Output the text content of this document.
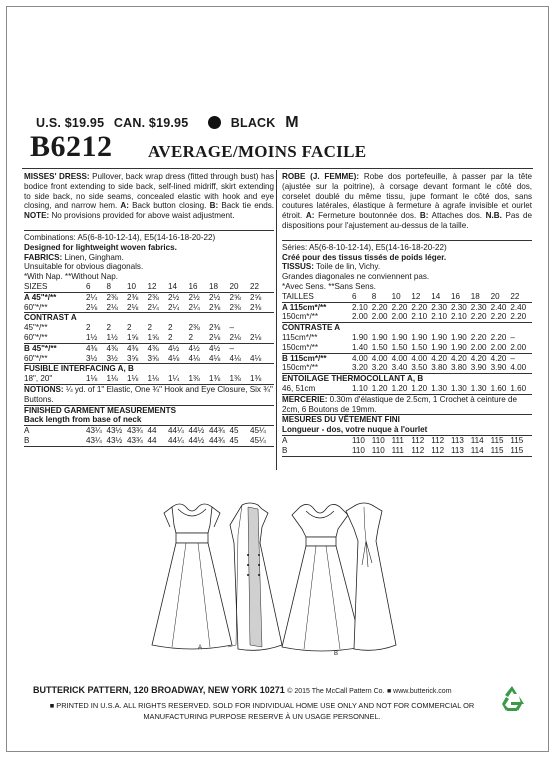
U.S. $19.95 CAN. $19.95	BLACK M
B6212 AVERAGE/MOINS FACILE

MISSES' DRESS: Pullover, back wrap dress (fitted through bust) has bodice front extending to side back, self-lined midriff, skirt extending to side back, no side seams, concealed elastic with hook and eye closing, and narrow hem. A: Back button closing. B: Back tie ends. NOTE: No provisions provided for above waist adjustment.

Combinations: A5(6-8-10-12-14), E5(14-16-18-20-22)

Designed for lightweight woven fabrics.

FABRICS: Linen, Gingham.

Unsuitable for obvious diagonals.

*With Nap. **Without Nap.

SIZES	6	8	10	12	14	16	18	20	22
A 45"*/**	2¼	2⅜	2⅜	2⅜	2½	2½	2½	2⅝	2⅝
60"*/**	2⅛	2⅛	2⅛	2¼	2¼	2¼	2⅜	2⅜	2⅜

CONTRAST A

45"*/**	2	2	2	2	2	2⅜	2⅜	–
60"*/**	1½	1½	1⅝	1⅝	2	2	2⅛	2⅛	2⅛
B 45"*/**	4⅜	4⅜	4⅜	4⅜	4½	4½	4½	–
60"*/**	3½	3½	3⅝	3⅝	4⅛	4⅛	4⅛	4⅛	4⅛

FUSIBLE INTERFACING A, B

18", 20"	1⅛	1⅛	1⅛	1⅛	1¼	1⅜	1⅜	1⅜	1⅜

NOTIONS: ¼ yd. of 1" Elastic, One ¾" Hook and Eye Closure, Six ¾" Buttons.

FINISHED GARMENT MEASUREMENTS

Back length from base of neck

A	43¼ 43½ 43¾ 44	44¼ 44½ 44¾ 45	45¼
B	43¼ 43½ 43¾ 44	44¼ 44½ 44¾ 45	45¼

ROBE (J. FEMME): Robe dos portefeuille, à passer par la tête (ajustée sur la poitrine), à corsage devant formant le côté dos, corselet doublé du même tissu, jupe formant le côté dos, sans coutures latérales, élastique à fermeture à agrafe invisible et ourlet étroit. A: Fermeture boutonnée dos. B: Attaches dos. N.B. Pas de dispositions pour l'ajustement au-dessus de la taille.

Séries: A5(6-8-10-12-14), E5(14-16-18-20-22)

Créé pour des tissus tissés de poids léger.

TISSUS: Toile de lin, Vichy.

Grandes diagonales ne conviennent pas.

*Avec Sens. **Sans Sens.

TAILLES	6	8	10	12	14	16	18	20	22
A 115cm*/**	2.10 2.20 2.20 2.20 2.30 2.30 2.30 2.40 2.40
150cm*/**	2.00 2.00 2.00 2.10 2.10 2.10 2.20 2.20 2.20

CONTRASTE A

115cm*/**	1.90 1.90 1.90 1.90 1.90 1.90 2.20 2.20 –
150cm*/**	1.40 1.50 1.50 1.50 1.90 1.90 2.00 2.00 2.00
B 115cm*/**	4.00 4.00 4.00 4.00 4.20 4.20 4.20 4.20 –
150cm*/**	3.20 3.20 3.40 3.50 3.80 3.80 3.90 3.90 4.00

ENTOILAGE THERMOCOLLANT A, B

46, 51cm	1.10 1.20 1.20 1.20 1.30 1.30 1.30 1.60 1.60

MERCERIE: 0.30m d'élastique de 2.5cm, 1 Crochet à ceinture de 2cm, 6 Boutons de 19mm.

MESURES DU VÊTEMENT FINI

Longueur - dos, votre nuque à l'ourlet

A	110 110 111 112 112 113 114 115 115
B	110 110 111 112 112 113 114 115 115
A
B
BUTTERICK PATTERN, 120 BROADWAY, NEW YORK 10271 © 2015 The McCall Pattern Co. ■ www.butterick.com
■ PRINTED IN U.S.A. ALL RIGHTS RESERVED. SOLD FOR INDIVIDUAL HOME USE ONLY AND NOT FOR COMMERCIAL OR MANUFACTURING PURPOSE RESERVE À UN USAGE PERSONNEL.
